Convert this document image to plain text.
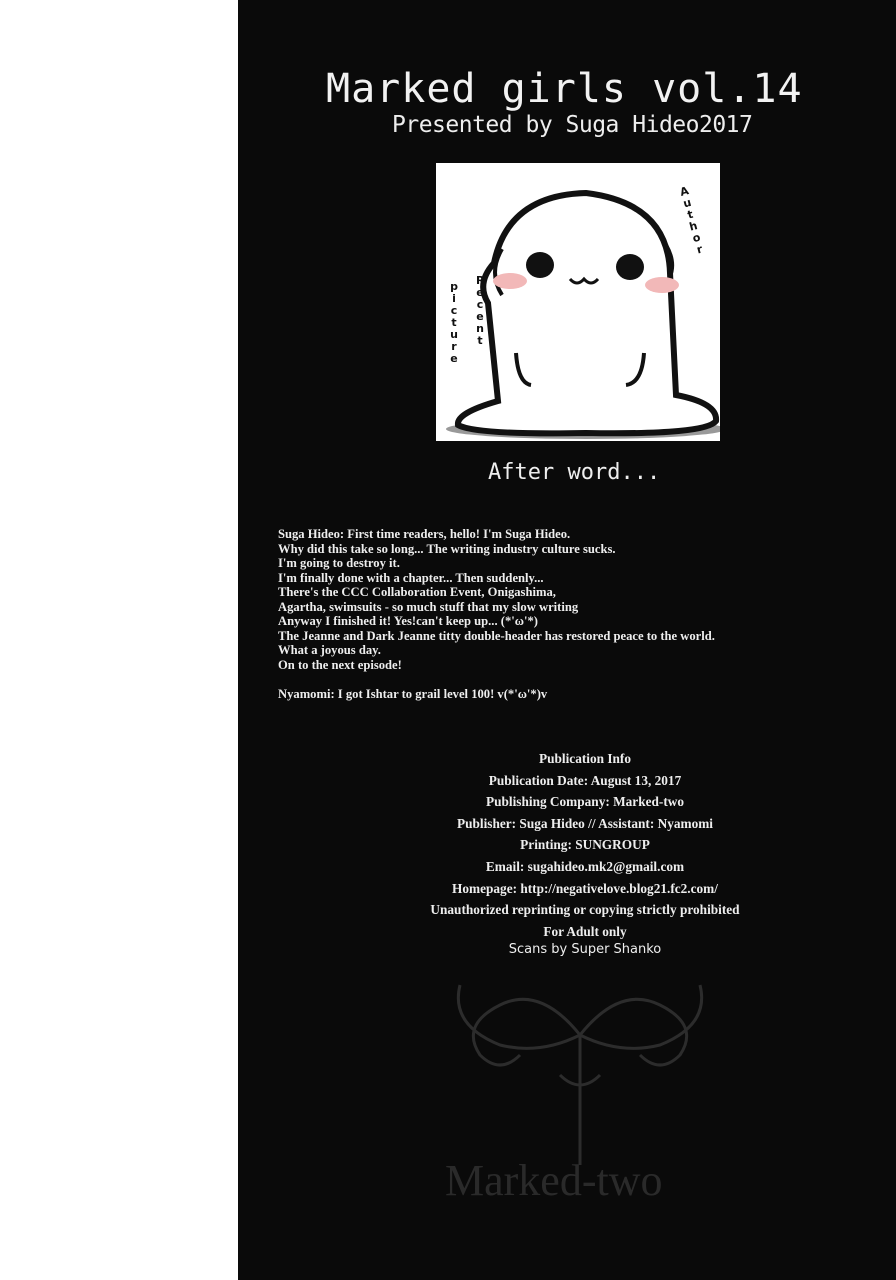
Marked girls vol.14
Presented by Suga Hideo2017
Author
Recent
picture
After word...
Suga Hideo: First time readers, hello! I'm Suga Hideo.
Why did this take so long... The writing industry culture sucks.
I'm going to destroy it.
I'm finally done with a chapter... Then suddenly...
There's the CCC Collaboration Event, Onigashima,
Agartha, swimsuits - so much stuff that my slow writing
Anyway I finished it! Yes!can't keep up... (*'ω'*)
The Jeanne and Dark Jeanne titty double-header has restored peace to the world.
What a joyous day.
On to the next episode!
Nyamomi: I got Ishtar to grail level 100! v(*'ω'*)v
Publication Info
Publication Date: August 13, 2017
Publishing Company: Marked-two
Publisher: Suga Hideo // Assistant: Nyamomi
Printing: SUNGROUP
Email: sugahideo.mk2@gmail.com
Homepage: http://negativelove.blog21.fc2.com/
Unauthorized reprinting or copying strictly prohibited
For Adult only
Scans by Super Shanko
Marked-two
